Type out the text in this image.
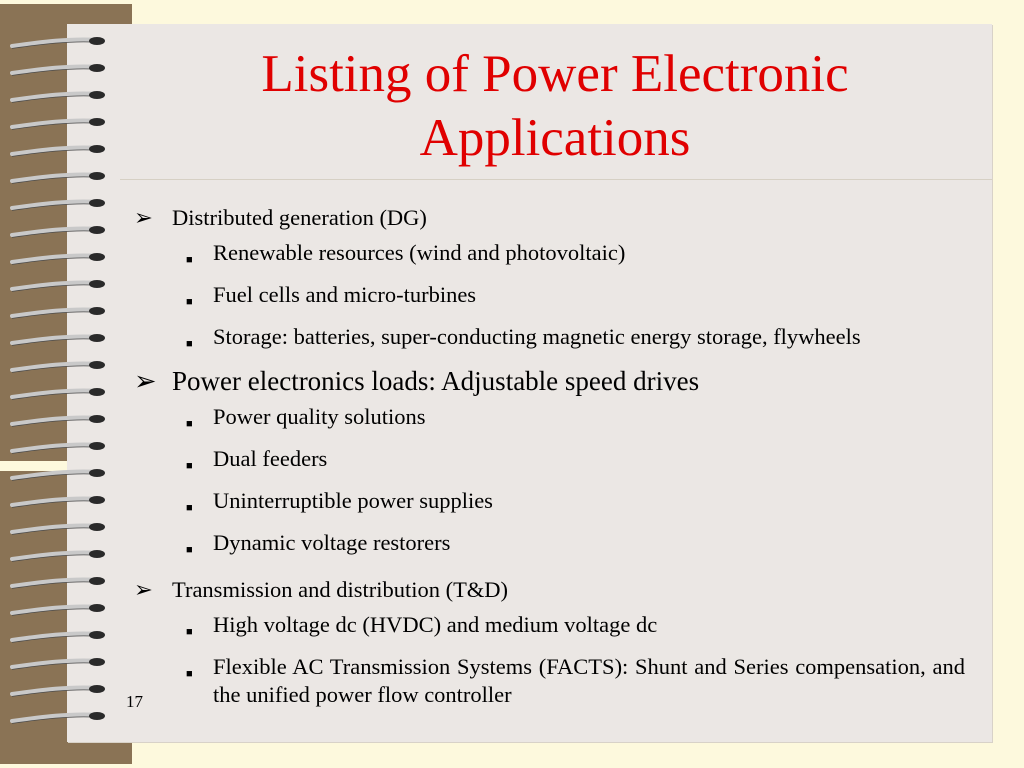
Listing of Power Electronic
Applications
➢ Distributed generation (DG)
■ Renewable resources (wind and photovoltaic)
■ Fuel cells and micro-turbines
■ Storage: batteries, super-conducting magnetic energy storage, flywheels
➢ Power electronics loads: Adjustable speed drives
■ Power quality solutions
■ Dual feeders
■ Uninterruptible power supplies
■ Dynamic voltage restorers
➢ Transmission and distribution (T&D)
■ High voltage dc (HVDC) and medium voltage dc
■ Flexible AC Transmission Systems (FACTS): Shunt and Series compensation, and the unified power flow controller
17
